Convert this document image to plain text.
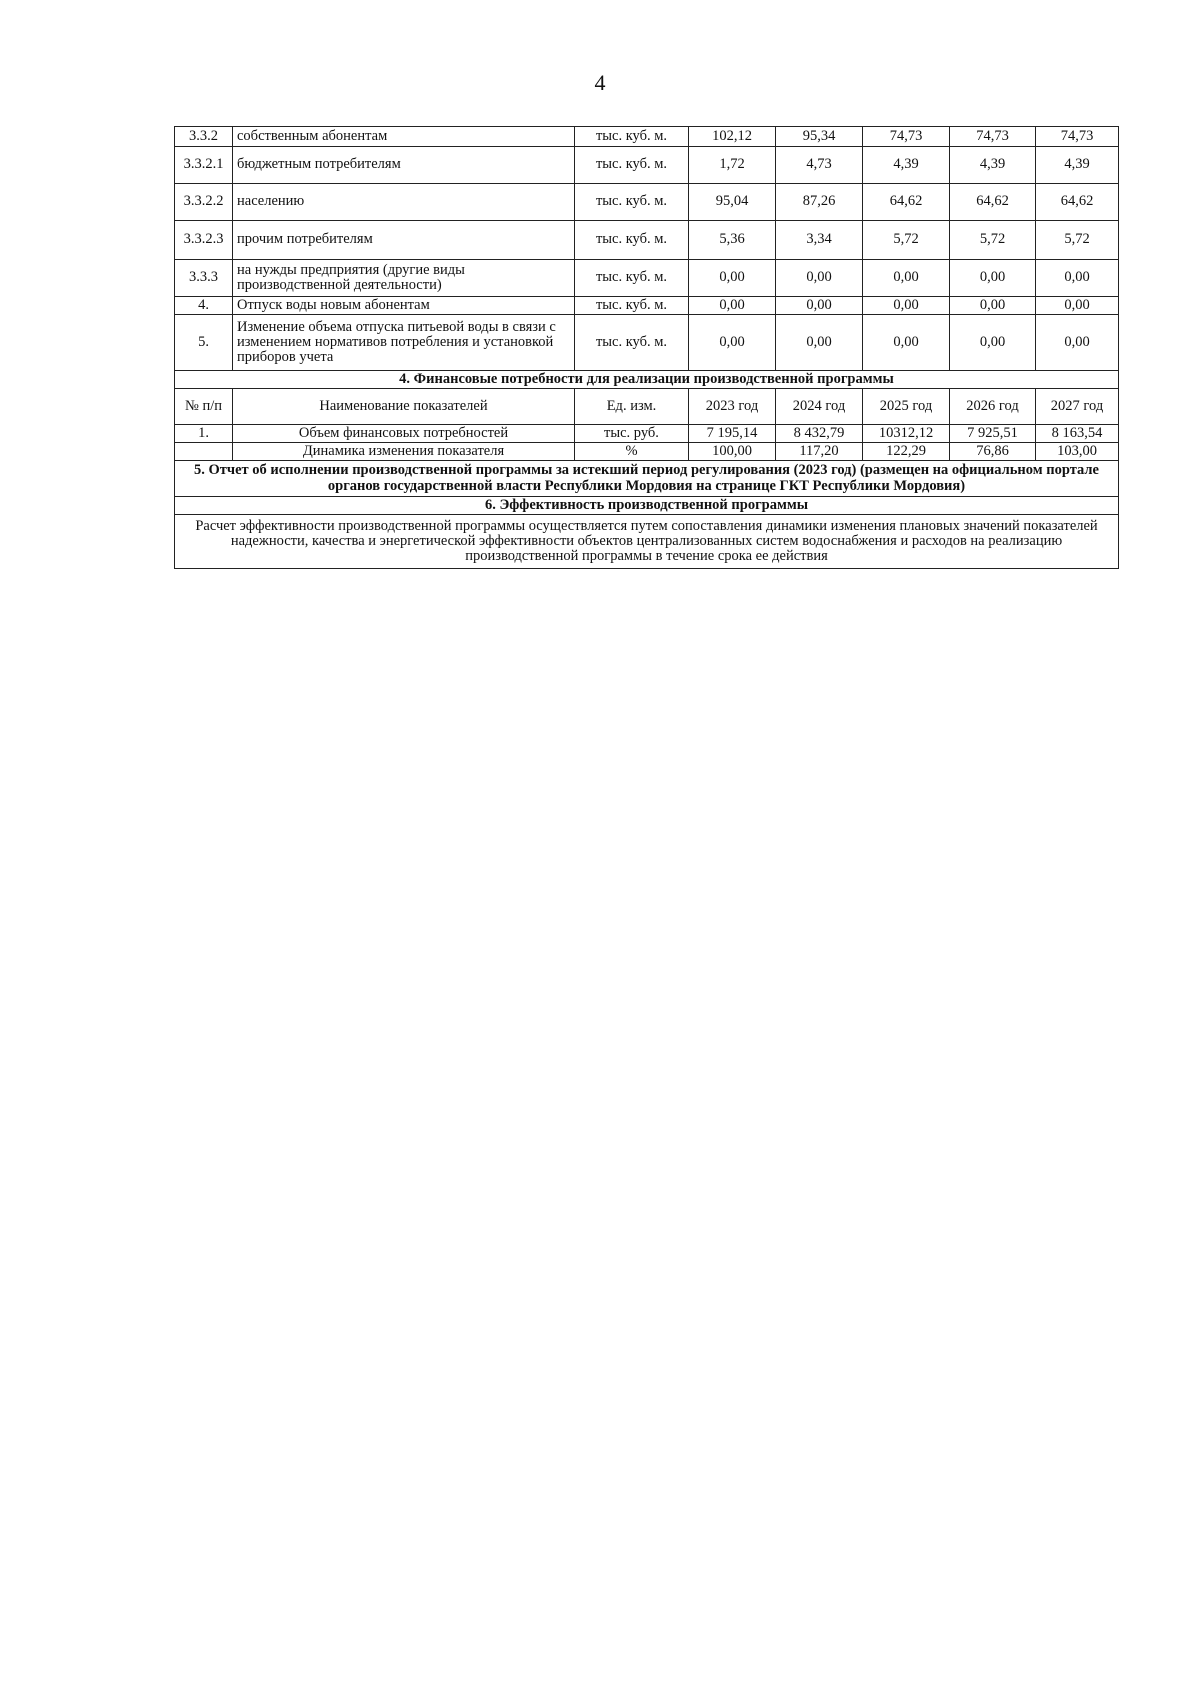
4
3.3.2	собственным абонентам	тыс. куб. м.	102,12	95,34	74,73	74,73	74,73
3.3.2.1	бюджетным потребителям	тыс. куб. м.	1,72	4,73	4,39	4,39	4,39
3.3.2.2	населению	тыс. куб. м.	95,04	87,26	64,62	64,62	64,62
3.3.2.3	прочим потребителям	тыс. куб. м.	5,36	3,34	5,72	5,72	5,72
3.3.3	на нужды предприятия (другие виды производственной деятельности)	тыс. куб. м.	0,00	0,00	0,00	0,00	0,00
4.	Отпуск воды новым абонентам	тыс. куб. м.	0,00	0,00	0,00	0,00	0,00
5.	Изменение объема отпуска питьевой воды в связи с изменением нормативов потребления и установкой приборов учета	тыс. куб. м.	0,00	0,00	0,00	0,00	0,00
4. Финансовые потребности для реализации производственной программы							
№ п/п	Наименование показателей	Ед. изм.	2023 год	2024 год	2025 год	2026 год	2027 год
1.	Объем финансовых потребностей	тыс. руб.	7 195,14	8 432,79	10312,12	7 925,51	8 163,54
	Динамика изменения показателя	%	100,00	117,20	122,29	76,86	103,00
5. Отчет об исполнении производственной программы за истекший период регулирования (2023 год) (размещен на официальном портале органов государственной власти Республики Мордовия на странице ГКТ Республики Мордовия)							
6. Эффективность производственной программы							
Расчет эффективности производственной программы осуществляется путем сопоставления динамики изменения плановых значений показателей надежности, качества и энергетической эффективности объектов централизованных систем водоснабжения и расходов на реализацию производственной программы в течение срока ее действия							
